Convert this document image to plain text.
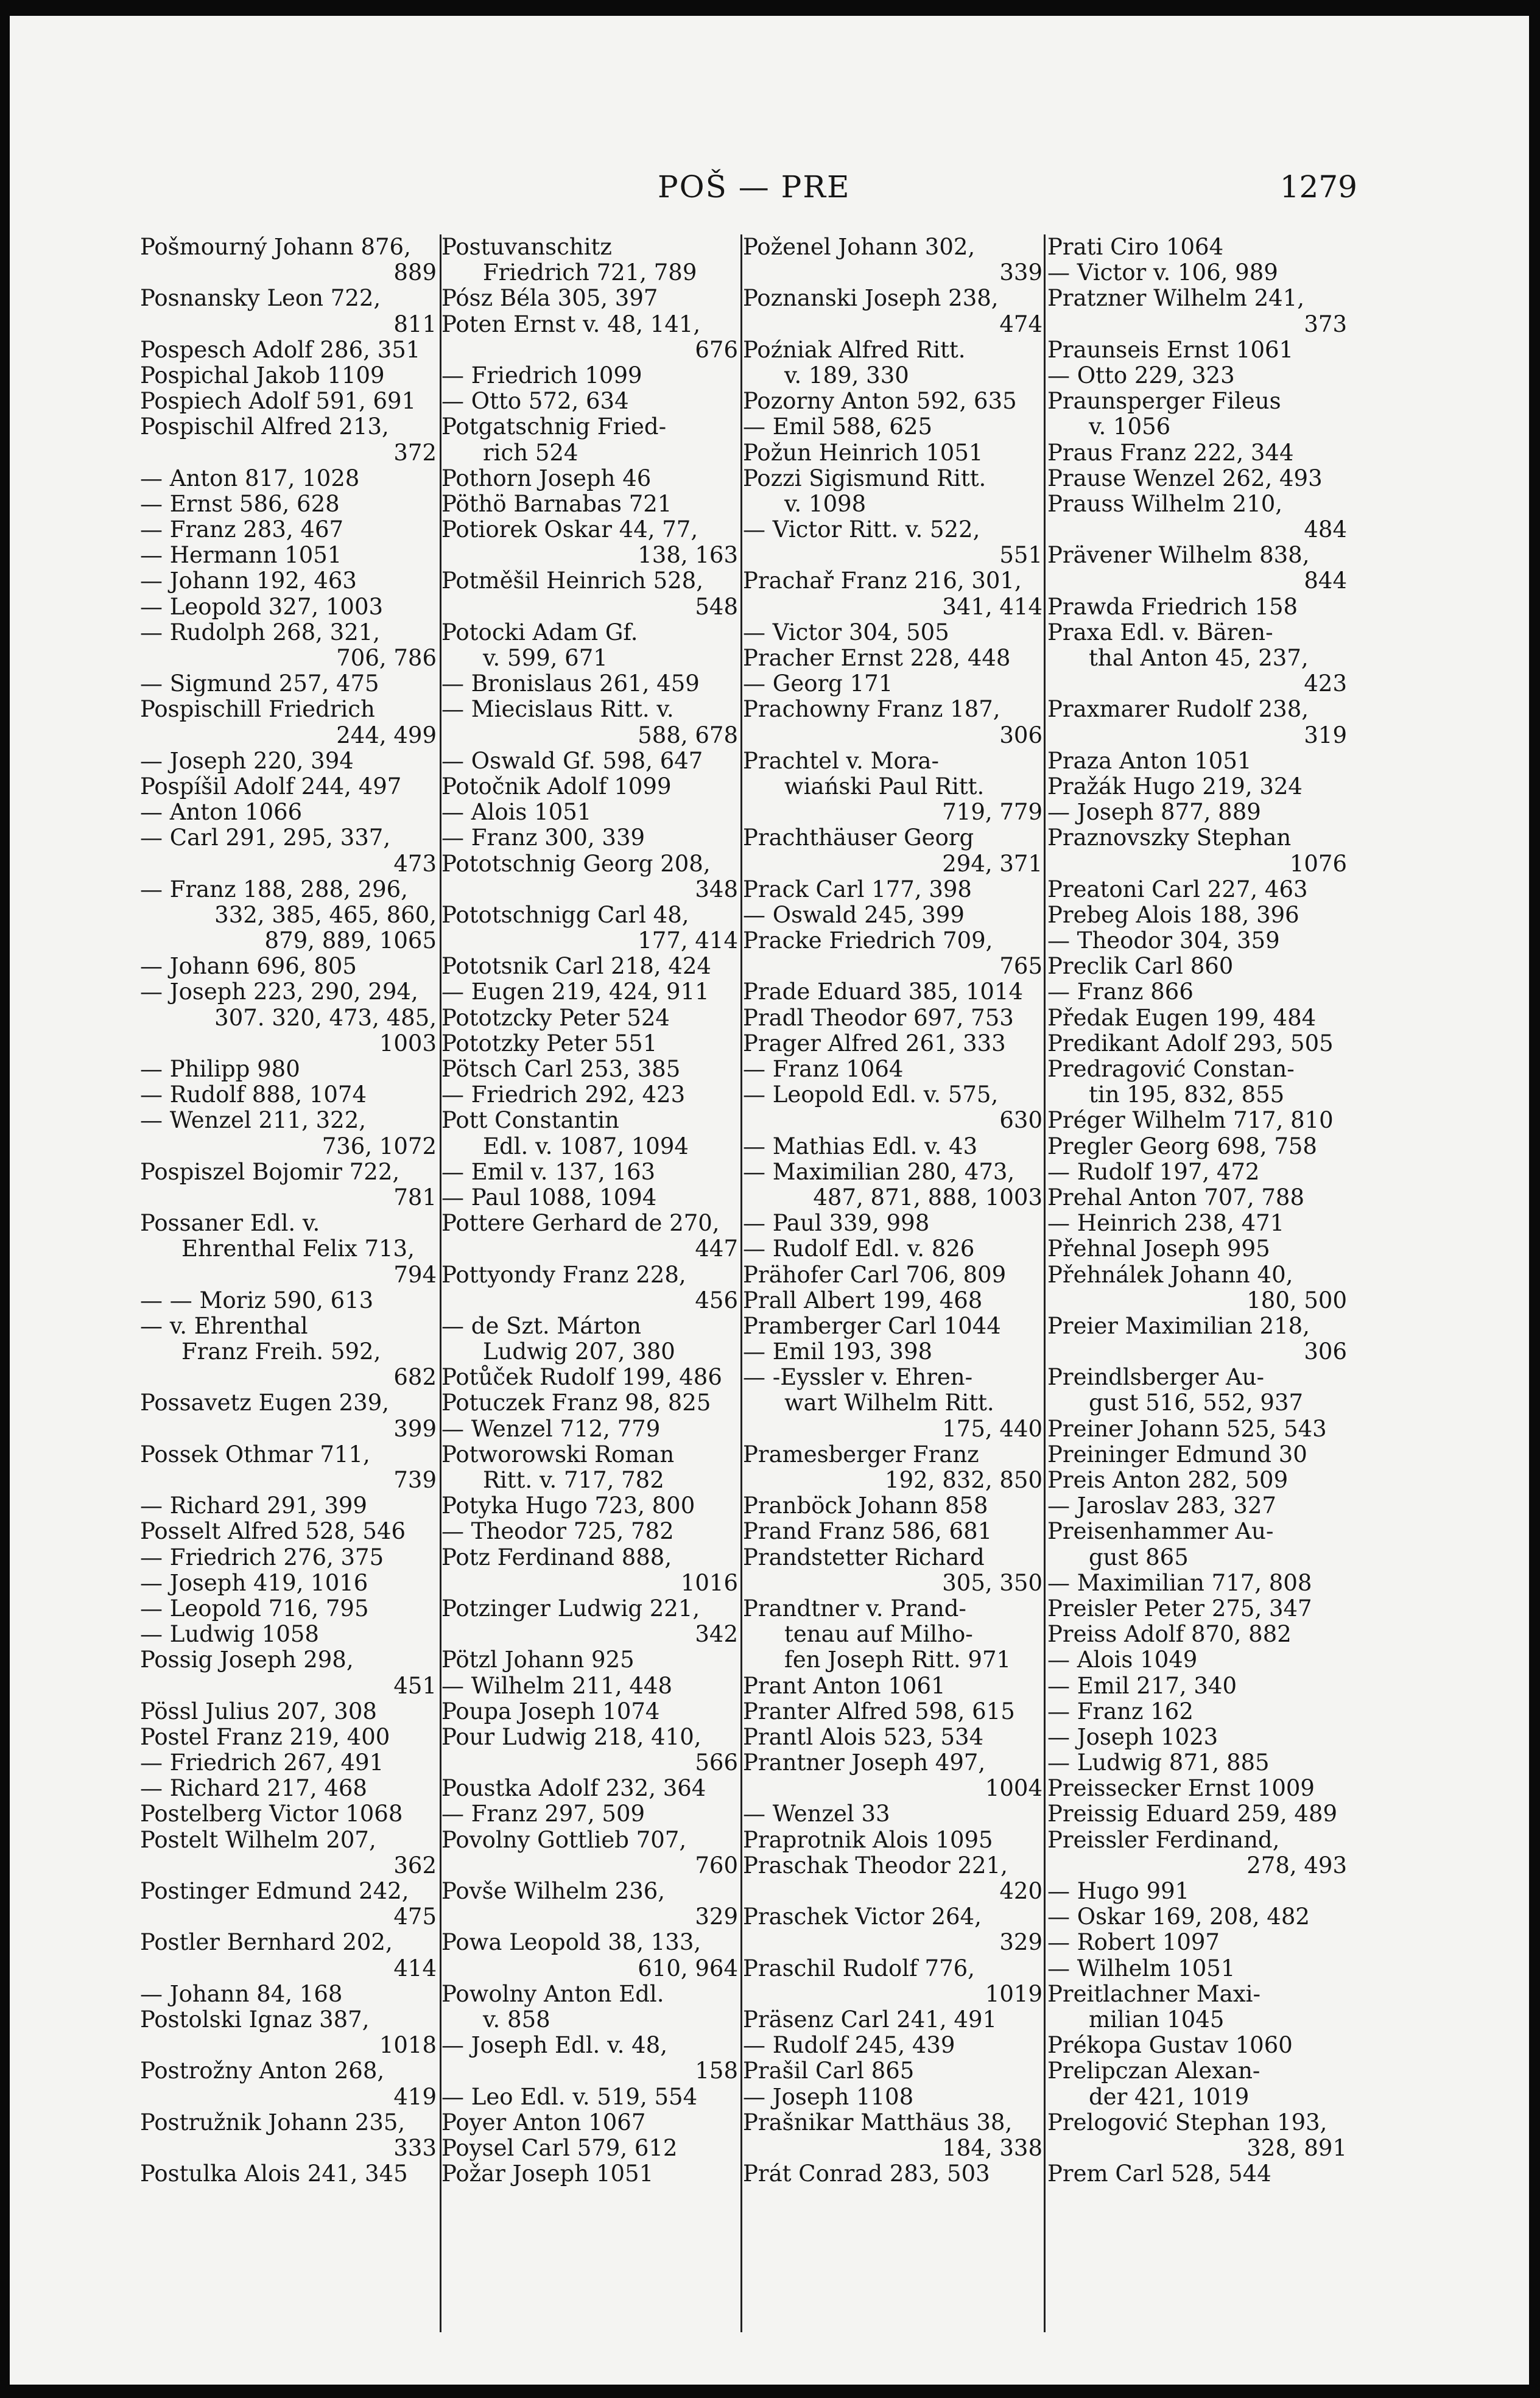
POŠ — PRE	1279
Pošmourný Johann 876,
889
Posnansky Leon 722,
811
Pospesch Adolf 286, 351
Pospichal Jakob 1109
Pospiech Adolf 591, 691
Pospischil Alfred 213,
372
— Anton 817, 1028
— Ernst 586, 628
— Franz 283, 467
— Hermann 1051
— Johann 192, 463
— Leopold 327, 1003
— Rudolph 268, 321,
706, 786
— Sigmund 257, 475
Pospischill Friedrich
244, 499
— Joseph 220, 394
Pospíšil Adolf 244, 497
— Anton 1066
— Carl 291, 295, 337,
473
— Franz 188, 288, 296,
332, 385, 465, 860,
879, 889, 1065
— Johann 696, 805
— Joseph 223, 290, 294,
307. 320, 473, 485,
1003
— Philipp 980
— Rudolf 888, 1074
— Wenzel 211, 322,
736, 1072
Pospiszel Bojomir 722,
781
Possaner Edl. v.
Ehrenthal Felix 713,
794
— — Moriz 590, 613
— v. Ehrenthal
Franz Freih. 592,
682
Possavetz Eugen 239,
399
Possek Othmar 711,
739
— Richard 291, 399
Posselt Alfred 528, 546
— Friedrich 276, 375
— Joseph 419, 1016
— Leopold 716, 795
— Ludwig 1058
Possig Joseph 298,
451
Pössl Julius 207, 308
Postel Franz 219, 400
— Friedrich 267, 491
— Richard 217, 468
Postelberg Victor 1068
Postelt Wilhelm 207,
362
Postinger Edmund 242,
475
Postler Bernhard 202,
414
— Johann 84, 168
Postolski Ignaz 387,
1018
Postrožny Anton 268,
419
Postružnik Johann 235,
333
Postulka Alois 241, 345
Postuvanschitz
Friedrich 721, 789
Pósz Béla 305, 397
Poten Ernst v. 48, 141,
676
— Friedrich 1099
— Otto 572, 634
Potgatschnig Fried-
rich 524
Pothorn Joseph 46
Pöthö Barnabas 721
Potiorek Oskar 44, 77,
138, 163
Potměšil Heinrich 528,
548
Potocki Adam Gf.
v. 599, 671
— Bronislaus 261, 459
— Miecislaus Ritt. v.
588, 678
— Oswald Gf. 598, 647
Potočnik Adolf 1099
— Alois 1051
— Franz 300, 339
Pototschnig Georg 208,
348
Pototschnigg Carl 48,
177, 414
Pototsnik Carl 218, 424
— Eugen 219, 424, 911
Pototzcky Peter 524
Pototzky Peter 551
Pötsch Carl 253, 385
— Friedrich 292, 423
Pott Constantin
Edl. v. 1087, 1094
— Emil v. 137, 163
— Paul 1088, 1094
Pottere Gerhard de 270,
447
Pottyondy Franz 228,
456
— de Szt. Márton
Ludwig 207, 380
Potůček Rudolf 199, 486
Potuczek Franz 98, 825
— Wenzel 712, 779
Potworowski Roman
Ritt. v. 717, 782
Potyka Hugo 723, 800
— Theodor 725, 782
Potz Ferdinand 888,
1016
Potzinger Ludwig 221,
342
Pötzl Johann 925
— Wilhelm 211, 448
Poupa Joseph 1074
Pour Ludwig 218, 410,
566
Poustka Adolf 232, 364
— Franz 297, 509
Povolny Gottlieb 707,
760
Povše Wilhelm 236,
329
Powa Leopold 38, 133,
610, 964
Powolny Anton Edl.
v. 858
— Joseph Edl. v. 48,
158
— Leo Edl. v. 519, 554
Poyer Anton 1067
Poysel Carl 579, 612
Požar Joseph 1051
Poženel Johann 302,
339
Poznanski Joseph 238,
474
Poźniak Alfred Ritt.
v. 189, 330
Pozorny Anton 592, 635
— Emil 588, 625
Požun Heinrich 1051
Pozzi Sigismund Ritt.
v. 1098
— Victor Ritt. v. 522,
551
Prachař Franz 216, 301,
341, 414
— Victor 304, 505
Pracher Ernst 228, 448
— Georg 171
Prachowny Franz 187,
306
Prachtel v. Mora-
wiański Paul Ritt.
719, 779
Prachthäuser Georg
294, 371
Prack Carl 177, 398
— Oswald 245, 399
Pracke Friedrich 709,
765
Prade Eduard 385, 1014
Pradl Theodor 697, 753
Prager Alfred 261, 333
— Franz 1064
— Leopold Edl. v. 575,
630
— Mathias Edl. v. 43
— Maximilian 280, 473,
487, 871, 888, 1003
— Paul 339, 998
— Rudolf Edl. v. 826
Prähofer Carl 706, 809
Prall Albert 199, 468
Pramberger Carl 1044
— Emil 193, 398
— -Eyssler v. Ehren-
wart Wilhelm Ritt.
175, 440
Pramesberger Franz
192, 832, 850
Pranböck Johann 858
Prand Franz 586, 681
Prandstetter Richard
305, 350
Prandtner v. Prand-
tenau auf Milho-
fen Joseph Ritt. 971
Prant Anton 1061
Pranter Alfred 598, 615
Prantl Alois 523, 534
Prantner Joseph 497,
1004
— Wenzel 33
Praprotnik Alois 1095
Praschak Theodor 221,
420
Praschek Victor 264,
329
Praschil Rudolf 776,
1019
Präsenz Carl 241, 491
— Rudolf 245, 439
Prašil Carl 865
— Joseph 1108
Prašnikar Matthäus 38,
184, 338
Prát Conrad 283, 503
Prati Ciro 1064
— Victor v. 106, 989
Pratzner Wilhelm 241,
373
Praunseis Ernst 1061
— Otto 229, 323
Praunsperger Fileus
v. 1056
Praus Franz 222, 344
Prause Wenzel 262, 493
Prauss Wilhelm 210,
484
Prävener Wilhelm 838,
844
Prawda Friedrich 158
Praxa Edl. v. Bären-
thal Anton 45, 237,
423
Praxmarer Rudolf 238,
319
Praza Anton 1051
Pražák Hugo 219, 324
— Joseph 877, 889
Praznovszky Stephan
1076
Preatoni Carl 227, 463
Prebeg Alois 188, 396
— Theodor 304, 359
Preclik Carl 860
— Franz 866
Předak Eugen 199, 484
Predikant Adolf 293, 505
Predragović Constan-
tin 195, 832, 855
Préger Wilhelm 717, 810
Pregler Georg 698, 758
— Rudolf 197, 472
Prehal Anton 707, 788
— Heinrich 238, 471
Přehnal Joseph 995
Přehnálek Johann 40,
180, 500
Preier Maximilian 218,
306
Preindlsberger Au-
gust 516, 552, 937
Preiner Johann 525, 543
Preininger Edmund 30
Preis Anton 282, 509
— Jaroslav 283, 327
Preisenhammer Au-
gust 865
— Maximilian 717, 808
Preisler Peter 275, 347
Preiss Adolf 870, 882
— Alois 1049
— Emil 217, 340
— Franz 162
— Joseph 1023
— Ludwig 871, 885
Preissecker Ernst 1009
Preissig Eduard 259, 489
Preissler Ferdinand,
278, 493
— Hugo 991
— Oskar 169, 208, 482
— Robert 1097
— Wilhelm 1051
Preitlachner Maxi-
milian 1045
Prékopa Gustav 1060
Prelipczan Alexan-
der 421, 1019
Prelogović Stephan 193,
328, 891
Prem Carl 528, 544
